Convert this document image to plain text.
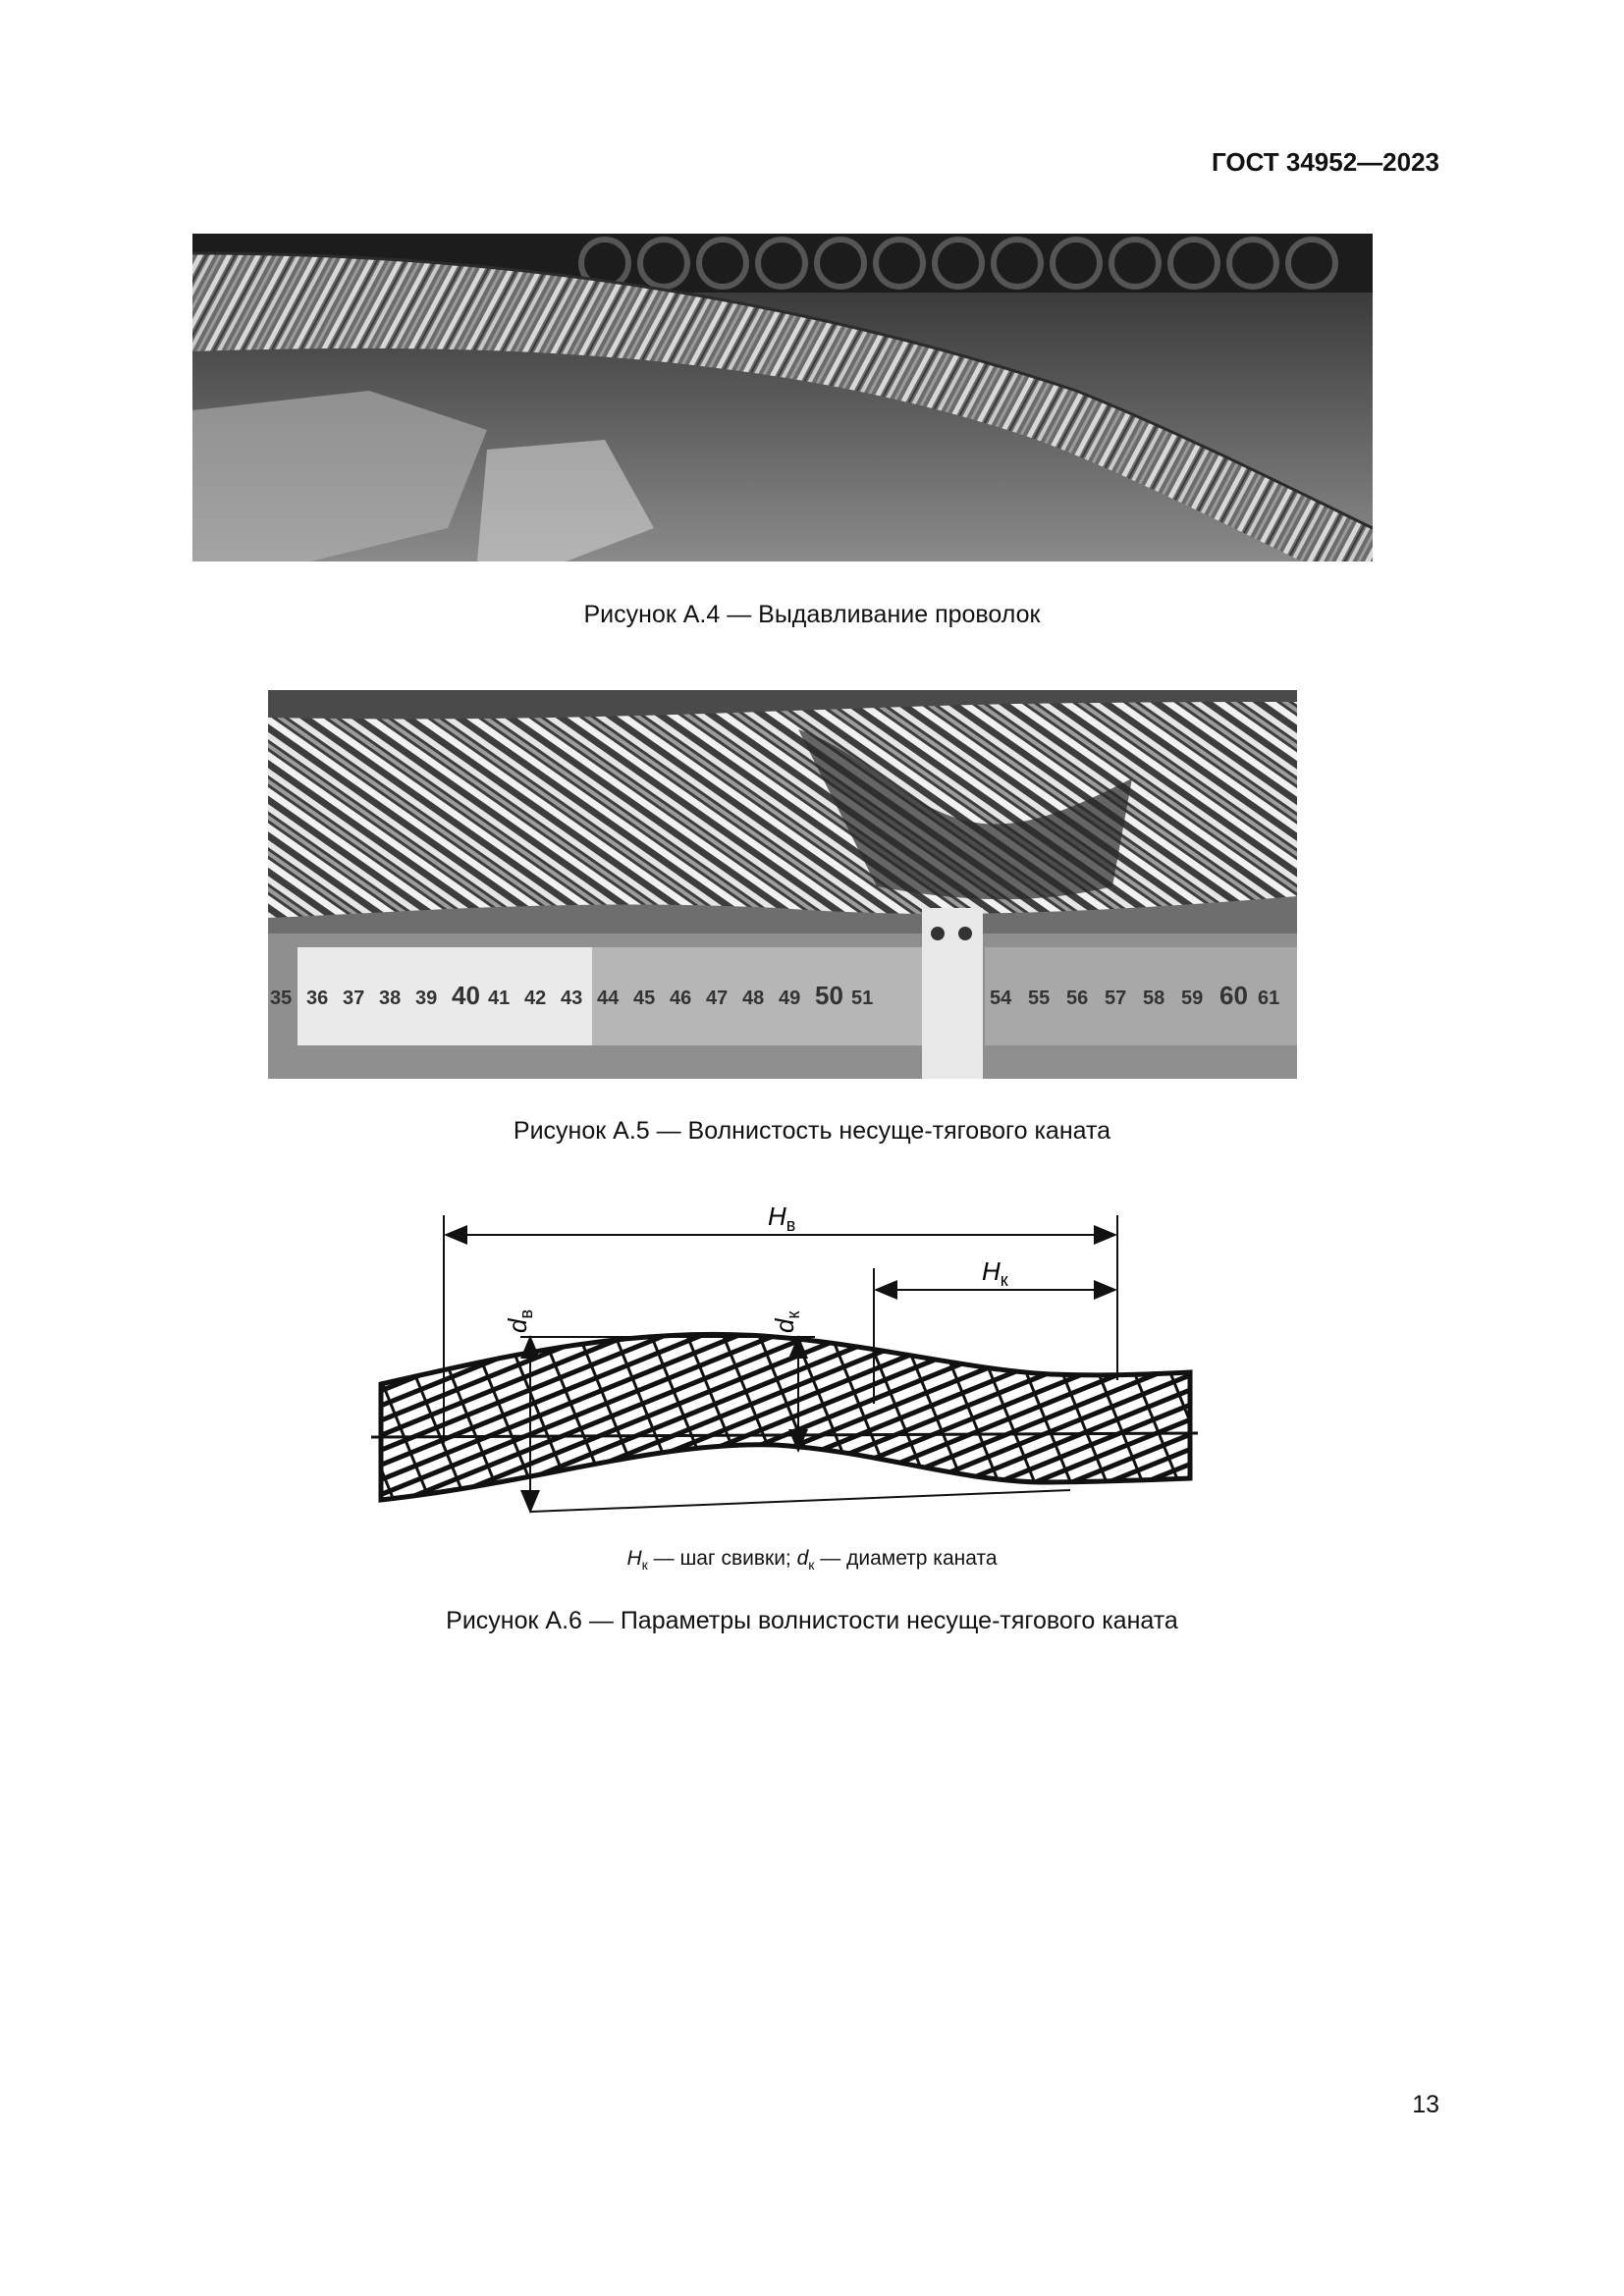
ГОСТ 34952—2023
Рисунок А.4 — Выдавливание проволок
35 36 37 38 39 40 41 42 43 44 45 46 47 48 49 50 51	54 55 56 57 58 59 60 61
Рисунок А.5 — Волнистость несуще-тягового каната
$H_в$
$H_к$
$d_в$
$d_к$
$H_к$ — шаг свивки; $d_к$ — диаметр каната
Рисунок А.6 — Параметры волнистости несуще-тягового каната
13
